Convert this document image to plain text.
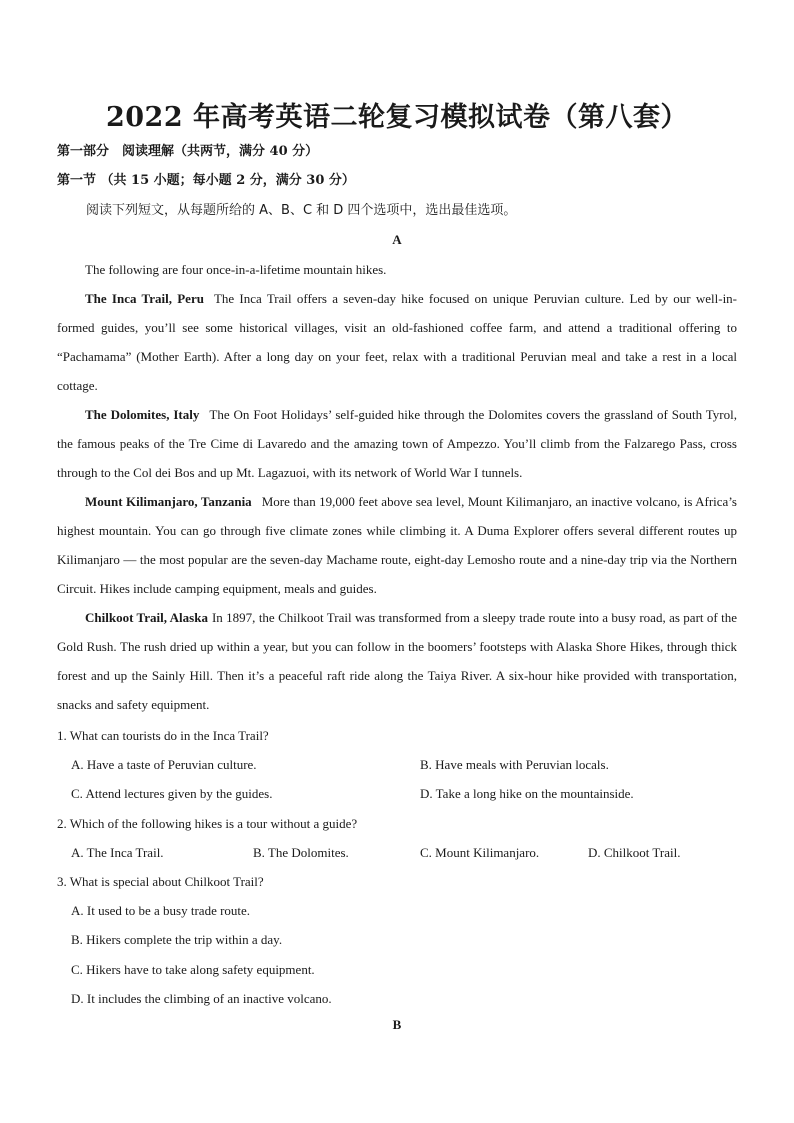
2022 年高考英语二轮复习模拟试卷（第八套）
第一部分　阅读理解（共两节，满分 40 分）
第一节 （共 15 小题；每小题 2 分，满分 30 分）
阅读下列短文，从每题所给的 A、B、C 和 D 四个选项中，选出最佳选项。
A

The following are four once-in-a-lifetime mountain hikes.

The Inca Trail, Peru The Inca Trail offers a seven-day hike focused on unique Peruvian culture. Led by our well-in-formed guides, you’ll see some historical villages, visit an old-fashioned coffee farm, and attend a traditional offering to “Pachamama” (Mother Earth). After a long day on your feet, relax with a traditional Peruvian meal and take a rest in a local cottage.

The Dolomites, Italy The On Foot Holidays’ self-guided hike through the Dolomites covers the grassland of South Tyrol, the famous peaks of the Tre Cime di Lavaredo and the amazing town of Ampezzo. You’ll climb from the Falzarego Pass, cross through to the Col dei Bos and up Mt. Lagazuoi, with its network of World War I tunnels.

Mount Kilimanjaro, Tanzania More than 19,000 feet above sea level, Mount Kilimanjaro, an inactive volcano, is Africa’s highest mountain. You can go through five climate zones while climbing it. A Duma Explorer offers several different routes up Kilimanjaro — the most popular are the seven-day Machame route, eight-day Lemosho route and a nine-day trip via the Northern Circuit. Hikes include camping equipment, meals and guides.

Chilkoot Trail, Alaska In 1897, the Chilkoot Trail was transformed from a sleepy trade route into a busy road, as part of the Gold Rush. The rush dried up within a year, but you can follow in the boomers’ footsteps with Alaska Shore Hikes, through thick forest and up the Sainly Hill. Then it’s a peaceful raft ride along the Taiya River. A six-hour hike provided with transportation, snacks and safety equipment.

1. What can tourists do in the Inca Trail?
A. Have a taste of Peruvian culture.	B. Have meals with Peruvian locals.
C. Attend lectures given by the guides.	D. Take a long hike on the mountainside.
2. Which of the following hikes is a tour without a guide?
A. The Inca Trail.	B. The Dolomites.	C. Mount Kilimanjaro.	D. Chilkoot Trail.
3. What is special about Chilkoot Trail?
A. It used to be a busy trade route.
B. Hikers complete the trip within a day.
C. Hikers have to take along safety equipment.
D. It includes the climbing of an inactive volcano.
B
